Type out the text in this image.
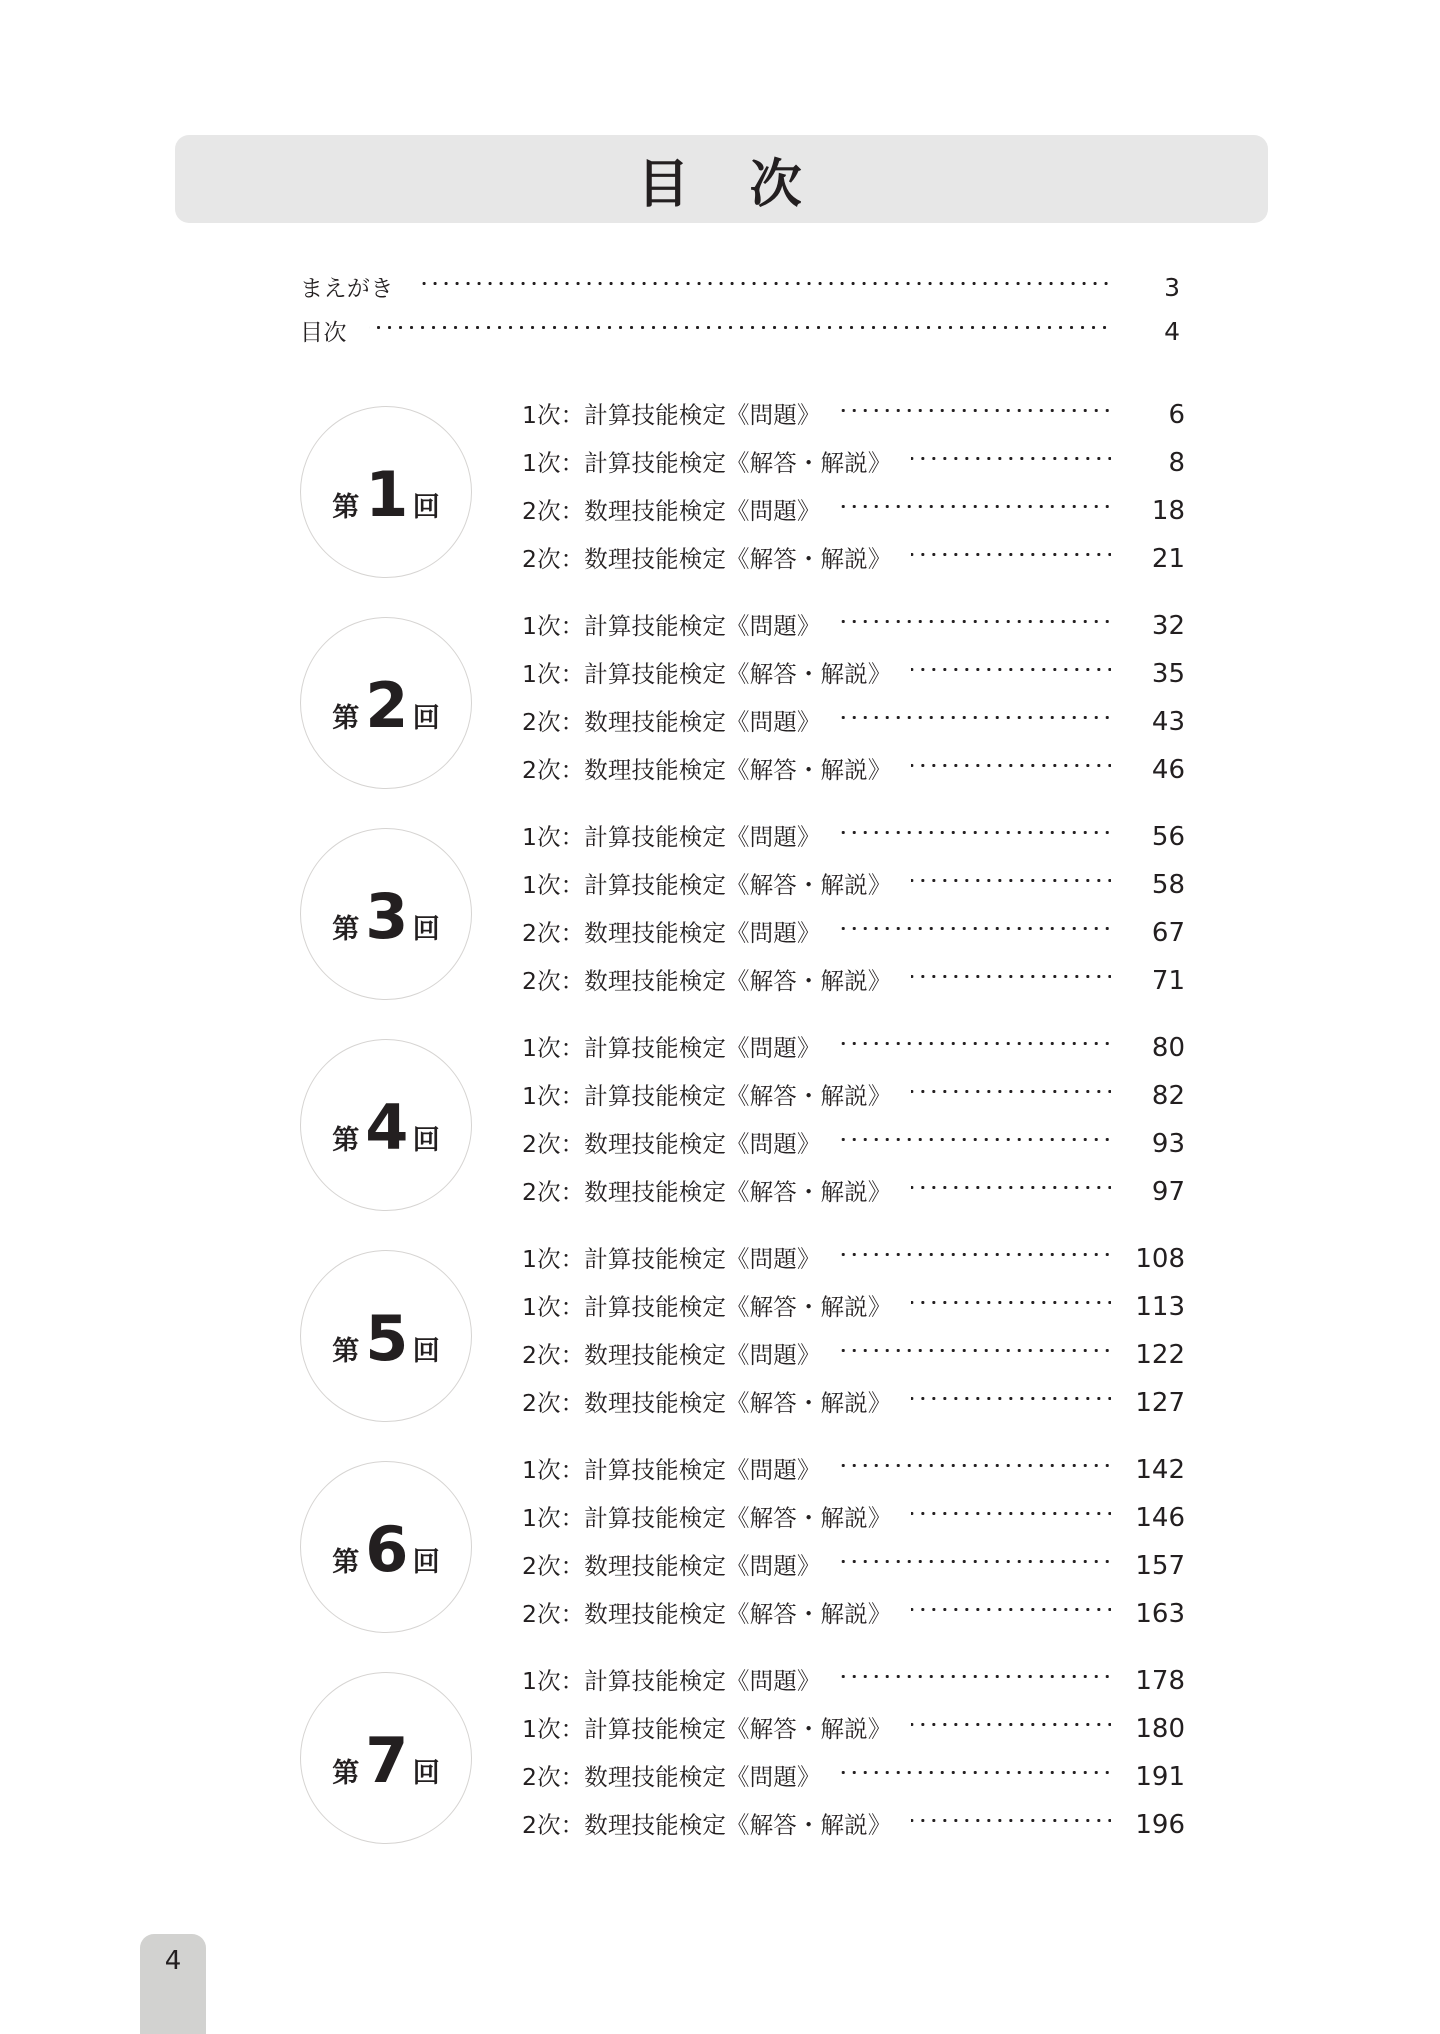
目　次
まえがき	3
目次	4
第 1 回
1次：計算技能検定《問題》	6
1次：計算技能検定《解答・解説》	8
2次：数理技能検定《問題》	18
2次：数理技能検定《解答・解説》	21
第 2 回
1次：計算技能検定《問題》	32
1次：計算技能検定《解答・解説》	35
2次：数理技能検定《問題》	43
2次：数理技能検定《解答・解説》	46
第 3 回
1次：計算技能検定《問題》	56
1次：計算技能検定《解答・解説》	58
2次：数理技能検定《問題》	67
2次：数理技能検定《解答・解説》	71
第 4 回
1次：計算技能検定《問題》	80
1次：計算技能検定《解答・解説》	82
2次：数理技能検定《問題》	93
2次：数理技能検定《解答・解説》	97
第 5 回
1次：計算技能検定《問題》	108
1次：計算技能検定《解答・解説》	113
2次：数理技能検定《問題》	122
2次：数理技能検定《解答・解説》	127
第 6 回
1次：計算技能検定《問題》	142
1次：計算技能検定《解答・解説》	146
2次：数理技能検定《問題》	157
2次：数理技能検定《解答・解説》	163
第 7 回
1次：計算技能検定《問題》	178
1次：計算技能検定《解答・解説》	180
2次：数理技能検定《問題》	191
2次：数理技能検定《解答・解説》	196
4
